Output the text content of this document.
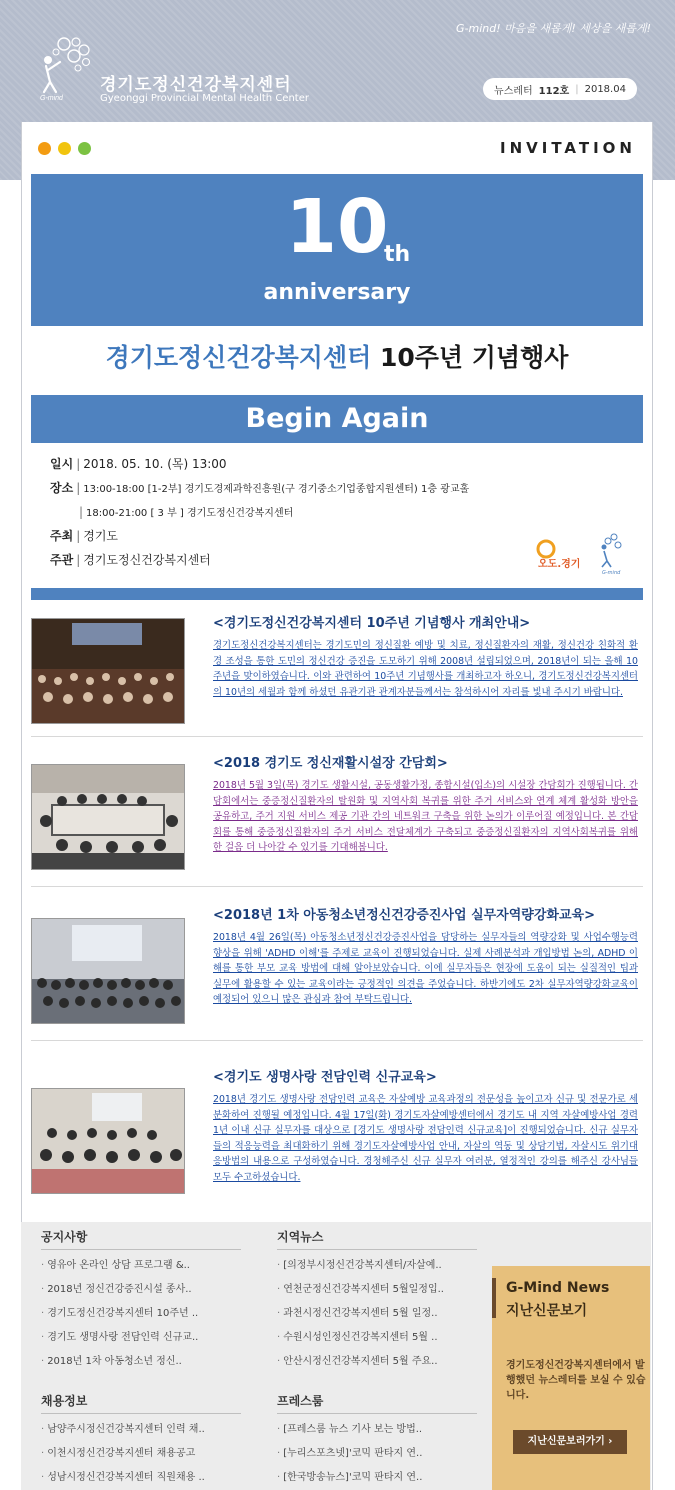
G-mind! 마음을 새롭게! 세상을 새롭게!
G-mind
경기도정신건강복지센터
Gyeonggi Provincial Mental Health Center
뉴스레터 112호 | 2018.04
INVITATION
10
th
anniversary
경기도정신건강복지센터 10주년 기념행사
Begin Again
일시 | 2018. 05. 10. (목) 13:00
장소 | 13:00-18:00 [1-2부] 경기도경제과학진흥원(구 경기중소기업종합지원센터) 1층 광교홀
| 18:00-21:00 [ 3 부 ] 경기도정신건강복지센터
주최 | 경기도
주관 | 경기도정신건강복지센터	오도.경기
G-mind
<경기도정신건강복지센터 10주년 기념행사 개최안내>
경기도정신건강복지센터는 경기도민의 정신질환 예방 및 치료, 정신질환자의 재활, 정신건강 친화적 환경 조성을 통한 도민의 정신건강 증진을 도모하기 위해 2008년 설립되었으며, 2018년이 되는 올해 10주년을 맞이하였습니다. 이와 관련하여 10주년 기념행사를 개최하고자 하오니, 경기도정신건강복지센터의 10년의 세월과 함께 하셨던 유관기관 관계자분들께서는 참석하시어 자리를 빛내 주시기 바랍니다.
<2018 경기도 정신재활시설장 간담회>
2018년 5월 3일(목) 경기도 생활시설, 공동생활가정, 종합시설(입소)의 시설장 간담회가 진행됩니다. 간담회에서는 중증정신질환자의 탈원화 및 지역사회 복귀를 위한 주거 서비스와 연계 체계 활성화 방안을 공유하고, 주거 지원 서비스 제공 기관 간의 네트워크 구축을 위한 논의가 이루어질 예정입니다. 본 간담회를 통해 중증정신질환자의 주거 서비스 전달체계가 구축되고 중증정신질환자의 지역사회복귀를 위해 한 걸음 더 나아갈 수 있기를 기대해봅니다.
<2018년 1차 아동청소년정신건강증진사업 실무자역량강화교육>
2018년 4월 26일(목) 아동청소년정신건강증진사업을 담당하는 실무자들의 역량강화 및 사업수행능력 향상을 위해 'ADHD 이해'를 주제로 교육이 진행되었습니다. 실제 사례분석과 개입방법 논의, ADHD 이해를 통한 부모 교육 방법에 대해 알아보았습니다. 이에 실무자들은 현장에 도움이 되는 실질적인 팁과 실무에 활용할 수 있는 교육이라는 긍정적인 의견을 주었습니다. 하반기에도 2차 실무자역량강화교육이 예정되어 있으니 많은 관심과 참여 부탁드립니다.
<경기도 생명사랑 전담인력 신규교육>
2018년 경기도 생명사랑 전담인력 교육은 자살예방 교육과정의 전문성을 높이고자 신규 및 전문가로 세분화하여 진행될 예정입니다. 4월 17일(화) 경기도자살예방센터에서 경기도 내 지역 자살예방사업 경력 1년 이내 신규 실무자를 대상으로 [경기도 생명사랑 전담인력 신규교육]이 진행되었습니다. 신규 실무자들의 적응능력을 최대화하기 위해 경기도자살예방사업 안내, 자살의 역동 및 상담기법, 자살시도 위기대응방법의 내용으로 구성하였습니다. 경청해주신 신규 실무자 여러분, 열정적인 강의를 해주신 강사님들 모두 수고하셨습니다.
공지사항
· 영유아 온라인 상담 프로그램 &..
· 2018년 정신건강증진시설 종사..
· 경기도정신건강복지센터 10주년 ..
· 경기도 생명사랑 전담인력 신규교..
· 2018년 1차 아동청소년 정신..
지역뉴스
· [의정부시정신건강복지센터/자살예..
· 연천군정신건강복지센터 5월일정입..
· 과천시정신건강복지센터 5월 일정..
· 수원시성인정신건강복지센터 5월 ..
· 안산시정신건강복지센터 5월 주요..
채용정보
· 남양주시정신건강복지센터 인력 채..
· 이천시정신건강복지센터 채용공고
· 성남시정신건강복지센터 직원채용 ..
프레스룸
· [프레스룸 뉴스 기사 보는 방법..
· [누리스포츠넷]'코믹 판타지 연..
· [한국방송뉴스]'코믹 판타지 연..
G-Mind News
지난신문보기
경기도정신건강복지센터에서 발행했던 뉴스레터를 보실 수 있습니다.
지난신문보러가기 ›
